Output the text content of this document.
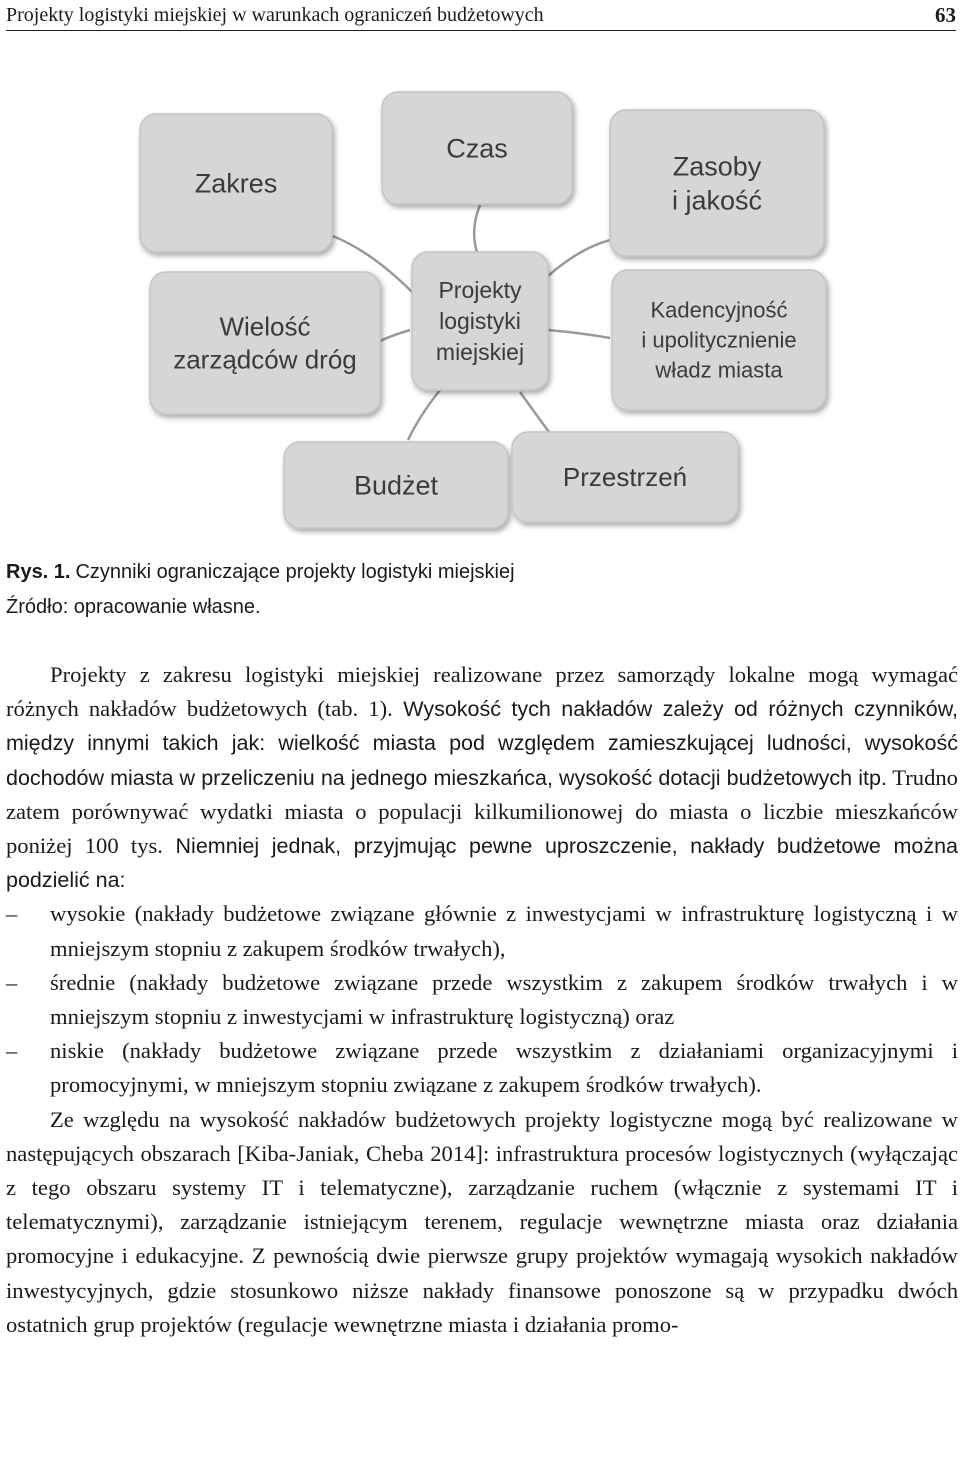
Projekty logistyki miejskiej w warunkach ograniczeń budżetowych	63
Czas
Zakres
Zasoby
i jakość
Wielość
zarządców dróg
Kadencyjność
i upolitycznienie
władz miasta
Budżet	Przestrzeń
Projekty
logistyki
miejskiej
Rys. 1. Czynniki ograniczające projekty logistyki miejskiej
Źródło: opracowanie własne.

Projekty z zakresu logistyki miejskiej realizowane przez samorządy lokalne mogą wymagać różnych nakładów budżetowych (tab. 1). Wysokość tych nakładów zależy od różnych czynników, między innymi takich jak: wielkość miasta pod względem zamieszkującej ludności, wysokość dochodów miasta w przeliczeniu na jednego mieszkańca, wysokość dotacji budżetowych itp. Trudno zatem porównywać wydatki miasta o populacji kilkumilionowej do miasta o liczbie mieszkańców poniżej 100 tys. Niemniej jednak, przyjmując pewne uproszczenie, nakłady budżetowe można podzielić na:

– wysokie (nakłady budżetowe związane głównie z inwestycjami w infrastrukturę logistyczną i w mniejszym stopniu z zakupem środków trwałych),
– średnie (nakłady budżetowe związane przede wszystkim z zakupem środków trwałych i w mniejszym stopniu z inwestycjami w infrastrukturę logistyczną) oraz
– niskie (nakłady budżetowe związane przede wszystkim z działaniami organizacyjnymi i promocyjnymi, w mniejszym stopniu związane z zakupem środków trwałych).

Ze względu na wysokość nakładów budżetowych projekty logistyczne mogą być realizowane w następujących obszarach [Kiba-Janiak, Cheba 2014]: infrastruktura procesów logistycznych (wyłączając z tego obszaru systemy IT i telematyczne), zarządzanie ruchem (włącznie z systemami IT i telematycznymi), zarządzanie istniejącym terenem, regulacje wewnętrzne miasta oraz działania promocyjne i edukacyjne. Z pewnością dwie pierwsze grupy projektów wymagają wysokich nakładów inwestycyjnych, gdzie stosunkowo niższe nakłady finansowe ponoszone są w przypadku dwóch ostatnich grup projektów (regulacje wewnętrzne miasta i działania promo-
